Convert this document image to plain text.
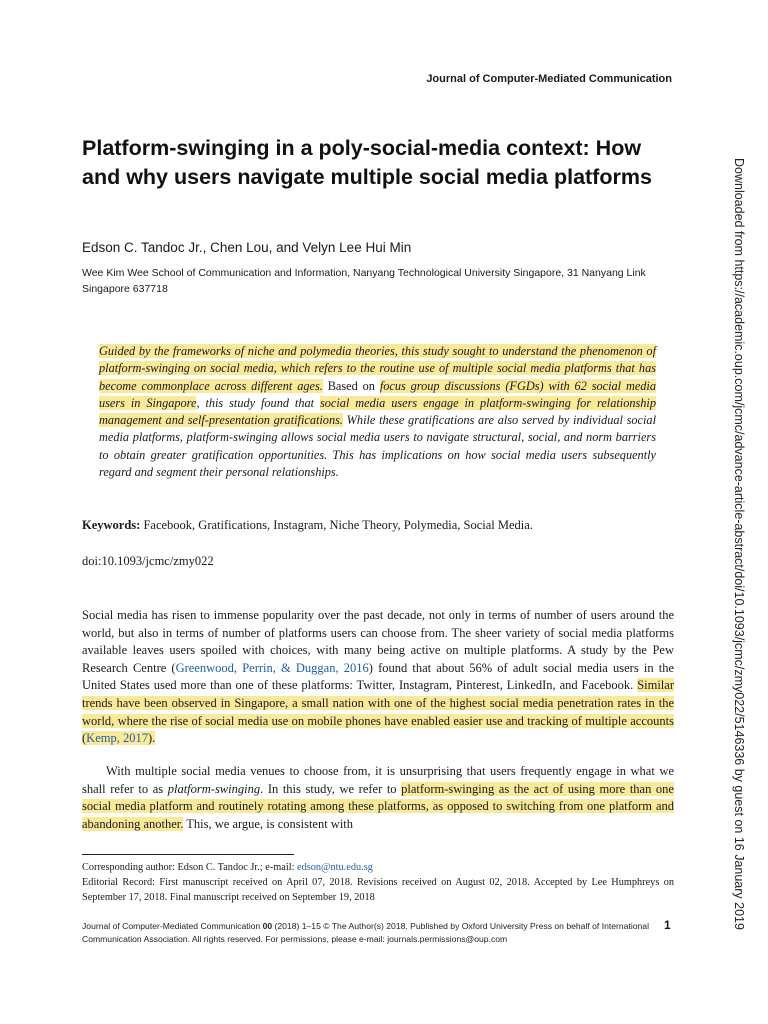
Journal of Computer-Mediated Communication
Platform-swinging in a poly-social-media context: How and why users navigate multiple social media platforms
Edson C. Tandoc Jr., Chen Lou, and Velyn Lee Hui Min
Wee Kim Wee School of Communication and Information, Nanyang Technological University Singapore, 31 Nanyang Link Singapore 637718

Guided by the frameworks of niche and polymedia theories, this study sought to understand the phenomenon of platform-swinging on social media, which refers to the routine use of multiple social media platforms that has become commonplace across different ages. Based on focus group discussions (FGDs) with 62 social media users in Singapore, this study found that social media users engage in platform-swinging for relationship management and self-presentation gratifications. While these gratifications are also served by individual social media platforms, platform-swinging allows social media users to navigate structural, social, and norm barriers to obtain greater gratification opportunities. This has implications on how social media users subsequently regard and segment their personal relationships.

Keywords: Facebook, Gratifications, Instagram, Niche Theory, Polymedia, Social Media.
doi:10.1093/jcmc/zmy022

Social media has risen to immense popularity over the past decade, not only in terms of number of users around the world, but also in terms of number of platforms users can choose from. The sheer variety of social media platforms available leaves users spoiled with choices, with many being active on multiple platforms. A study by the Pew Research Centre (Greenwood, Perrin, & Duggan, 2016) found that about 56% of adult social media users in the United States used more than one of these platforms: Twitter, Instagram, Pinterest, LinkedIn, and Facebook. Similar trends have been observed in Singapore, a small nation with one of the highest social media penetration rates in the world, where the rise of social media use on mobile phones have enabled easier use and tracking of multiple accounts (Kemp, 2017).

With multiple social media venues to choose from, it is unsurprising that users frequently engage in what we shall refer to as platform-swinging. In this study, we refer to platform-swinging as the act of using more than one social media platform and routinely rotating among these platforms, as opposed to switching from one platform and abandoning another. This, we argue, is consistent with

Corresponding author: Edson C. Tandoc Jr.; e-mail: edson@ntu.edu.sg
Editorial Record: First manuscript received on April 07, 2018. Revisions received on August 02, 2018. Accepted by Lee Humphreys on September 17, 2018. Final manuscript received on September 19, 2018
Journal of Computer-Mediated Communication 00 (2018) 1–15 © The Author(s) 2018. Published by Oxford University Press on behalf of International Communication Association. All rights reserved. For permissions, please e-mail: journals.permissions@oup.com
1	Downloaded from https://academic.oup.com/jcmc/advance-article-abstract/doi/10.1093/jcmc/zmy022/5146336 by guest on 16 January 2019
